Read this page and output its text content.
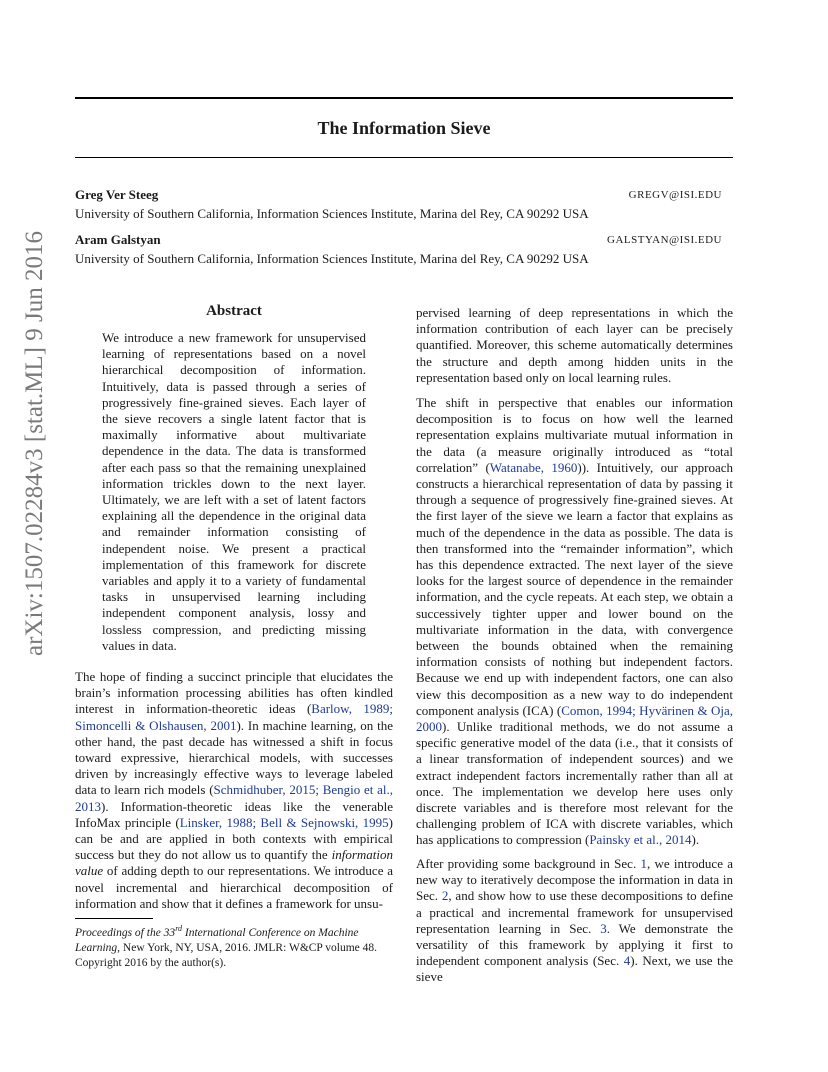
The Information Sieve
Greg Ver Steeg	GREGV@ISI.EDU
University of Southern California, Information Sciences Institute, Marina del Rey, CA 90292 USA
Aram Galstyan	GALSTYAN@ISI.EDU
University of Southern California, Information Sciences Institute, Marina del Rey, CA 90292 USA
arXiv:1507.02284v3 [stat.ML] 9 Jun 2016	Abstract

We introduce a new framework for unsupervised learning of representations based on a novel hierarchical decomposition of information. Intuitively, data is passed through a series of progressively fine-grained sieves. Each layer of the sieve recovers a single latent factor that is maximally informative about multivariate dependence in the data. The data is transformed after each pass so that the remaining unexplained information trickles down to the next layer. Ultimately, we are left with a set of latent factors explaining all the dependence in the original data and remainder information consisting of independent noise. We present a practical implementation of this framework for discrete variables and apply it to a variety of fundamental tasks in unsupervised learning including independent component analysis, lossy and lossless compression, and predicting missing values in data.

The hope of finding a succinct principle that elucidates the brain’s information processing abilities has often kindled interest in information-theoretic ideas (Barlow, 1989; Simoncelli & Olshausen, 2001). In machine learning, on the other hand, the past decade has witnessed a shift in focus toward expressive, hierarchical models, with successes driven by increasingly effective ways to leverage labeled data to learn rich models (Schmidhuber, 2015; Bengio et al., 2013). Information-theoretic ideas like the venerable InfoMax principle (Linsker, 1988; Bell & Sejnowski, 1995) can be and are applied in both contexts with empirical success but they do not allow us to quantify the information value of adding depth to our representations. We introduce a novel incremental and hierarchical decomposition of information and show that it defines a framework for unsu-

Proceedings of the 33rd International Conference on Machine Learning, New York, NY, USA, 2016. JMLR: W&CP volume 48. Copyright 2016 by the author(s).

pervised learning of deep representations in which the information contribution of each layer can be precisely quantified. Moreover, this scheme automatically determines the structure and depth among hidden units in the representation based only on local learning rules.

The shift in perspective that enables our information decomposition is to focus on how well the learned representation explains multivariate mutual information in the data (a measure originally introduced as “total correlation” (Watanabe, 1960)). Intuitively, our approach constructs a hierarchical representation of data by passing it through a sequence of progressively fine-grained sieves. At the first layer of the sieve we learn a factor that explains as much of the dependence in the data as possible. The data is then transformed into the “remainder information”, which has this dependence extracted. The next layer of the sieve looks for the largest source of dependence in the remainder information, and the cycle repeats. At each step, we obtain a successively tighter upper and lower bound on the multivariate information in the data, with convergence between the bounds obtained when the remaining information consists of nothing but independent factors. Because we end up with independent factors, one can also view this decomposition as a new way to do independent component analysis (ICA) (Comon, 1994; Hyvärinen & Oja, 2000). Unlike traditional methods, we do not assume a specific generative model of the data (i.e., that it consists of a linear transformation of independent sources) and we extract independent factors incrementally rather than all at once. The implementation we develop here uses only discrete variables and is therefore most relevant for the challenging problem of ICA with discrete variables, which has applications to compression (Painsky et al., 2014).

After providing some background in Sec. 1, we introduce a new way to iteratively decompose the information in data in Sec. 2, and show how to use these decompositions to define a practical and incremental framework for unsupervised representation learning in Sec. 3. We demonstrate the versatility of this framework by applying it first to independent component analysis (Sec. 4). Next, we use the sieve
